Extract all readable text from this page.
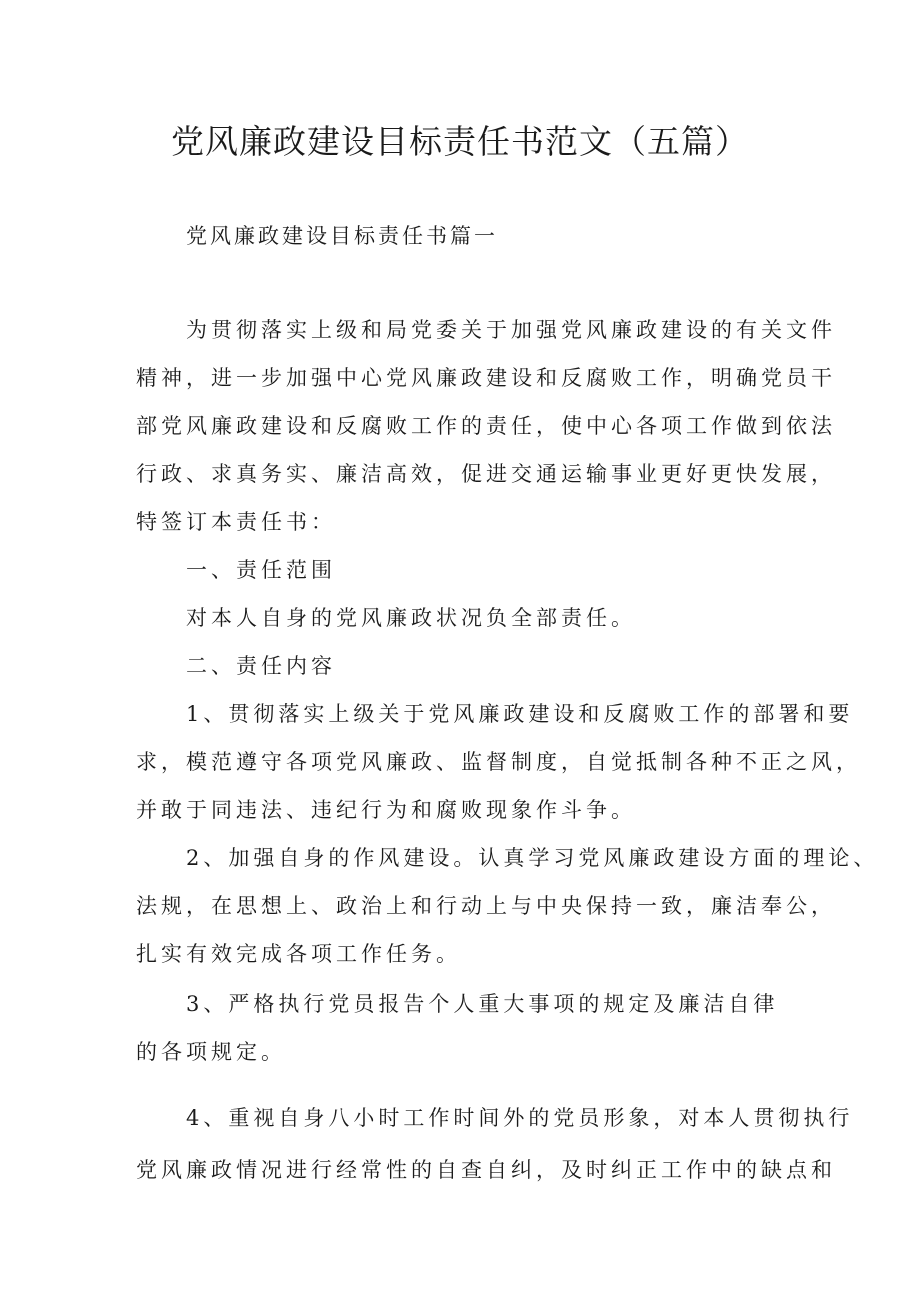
党风廉政建设目标责任书范文（五篇）
党风廉政建设目标责任书篇一
为贯彻落实上级和局党委关于加强党风廉政建设的有关文件
精神，进一步加强中心党风廉政建设和反腐败工作，明确党员干
部党风廉政建设和反腐败工作的责任，使中心各项工作做到依法
行政、求真务实、廉洁高效，促进交通运输事业更好更快发展，
特签订本责任书：
一、责任范围
对本人自身的党风廉政状况负全部责任。
二、责任内容
1、贯彻落实上级关于党风廉政建设和反腐败工作的部署和要
求，模范遵守各项党风廉政、监督制度，自觉抵制各种不正之风，
并敢于同违法、违纪行为和腐败现象作斗争。
2、加强自身的作风建设。认真学习党风廉政建设方面的理论、
法规，在思想上、政治上和行动上与中央保持一致，廉洁奉公，
扎实有效完成各项工作任务。
3、严格执行党员报告个人重大事项的规定及廉洁自律
的各项规定。
4、重视自身八小时工作时间外的党员形象，对本人贯彻执行
党风廉政情况进行经常性的自查自纠，及时纠正工作中的缺点和
